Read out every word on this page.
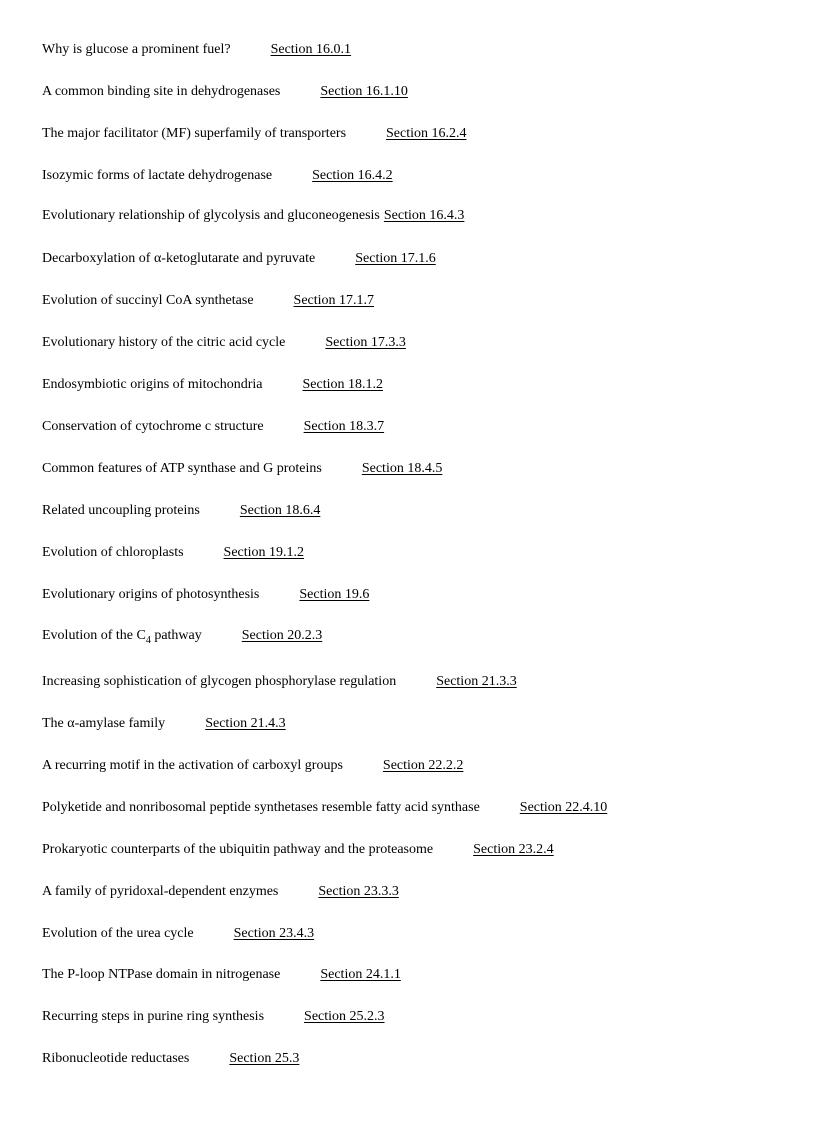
Why is glucose a prominent fuel?	Section 16.0.1
A common binding site in dehydrogenases	Section 16.1.10
The major facilitator (MF) superfamily of transporters	Section 16.2.4
Isozymic forms of lactate dehydrogenase	Section 16.4.2
Evolutionary relationship of glycolysis and gluconeogenesis Section 16.4.3
Decarboxylation of α-ketoglutarate and pyruvate	Section 17.1.6
Evolution of succinyl CoA synthetase	Section 17.1.7
Evolutionary history of the citric acid cycle	Section 17.3.3
Endosymbiotic origins of mitochondria	Section 18.1.2
Conservation of cytochrome c structure	Section 18.3.7
Common features of ATP synthase and G proteins	Section 18.4.5
Related uncoupling proteins	Section 18.6.4
Evolution of chloroplasts	Section 19.1.2
Evolutionary origins of photosynthesis	Section 19.6
Evolution of the $C_4$ pathway	Section 20.2.3
Increasing sophistication of glycogen phosphorylase regulation	Section 21.3.3
The α-amylase family	Section 21.4.3
A recurring motif in the activation of carboxyl groups	Section 22.2.2
Polyketide and nonribosomal peptide synthetases resemble fatty acid synthase	Section 22.4.10
Prokaryotic counterparts of the ubiquitin pathway and the proteasome	Section 23.2.4
A family of pyridoxal-dependent enzymes	Section 23.3.3
Evolution of the urea cycle	Section 23.4.3
The P-loop NTPase domain in nitrogenase	Section 24.1.1
Recurring steps in purine ring synthesis	Section 25.2.3
Ribonucleotide reductases	Section 25.3
